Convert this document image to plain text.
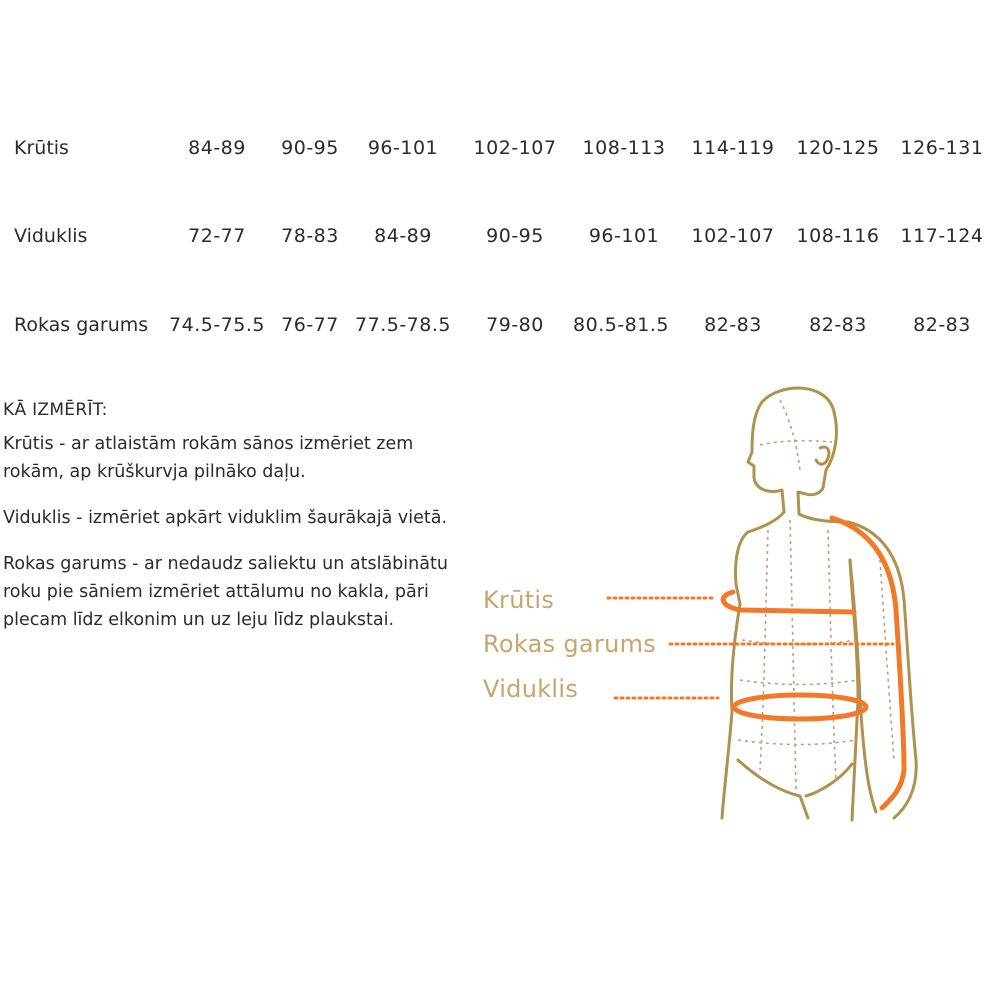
Krūtis	84-89 90-95 96-101 102-107 108-113 114-119 120-125 126-131
Viduklis	72-77 78-83 84-89	90-95 96-101 102-107 108-116 117-124
Rokas garums 74.5-75.5 76-77 77.5-78.5 79-80 80.5-81.5 82-83 82-83 82-83
KĀ IZMĒRĪT:

Krūtis - ar atlaistām rokām sānos izmēriet zem rokām, ap krūškurvja pilnāko daļu.

Viduklis - izmēriet apkārt viduklim šaurākajā vietā.

Rokas garums - ar nedaudz saliektu un atslābinātu roku pie sāniem izmēriet attālumu no kakla, pāri plecam līdz elkonim un uz leju līdz plaukstai.

Krūtis
Rokas garums
Viduklis
